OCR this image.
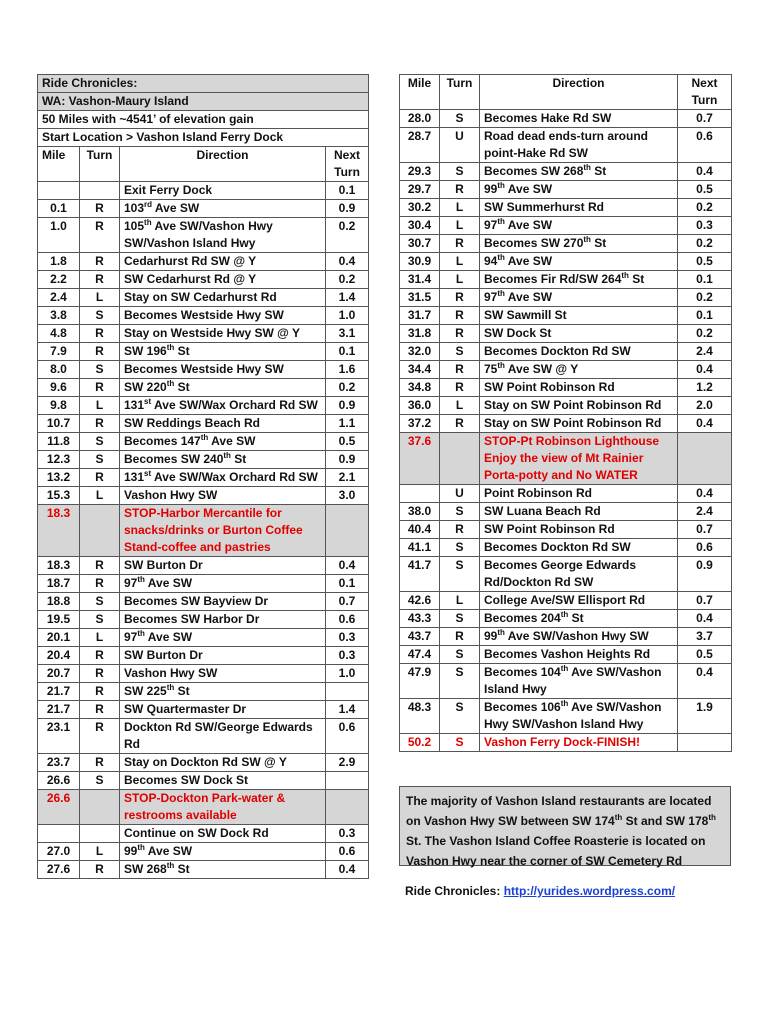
Ride Chronicles:			
WA: Vashon-Maury Island			
50 Miles with ~4541’ of elevation gain			
Start Location > Vashon Island Ferry Dock			
Mile	Turn	Direction	Next Turn
		Exit Ferry Dock	0.1
0.1	R	103rd Ave SW	0.9
1.0	R	105th Ave SW/Vashon Hwy SW/Vashon Island Hwy	0.2
1.8	R	Cedarhurst Rd SW @ Y	0.4
2.2	R	SW Cedarhurst Rd @ Y	0.2
2.4	L	Stay on SW Cedarhurst Rd	1.4
3.8	S	Becomes Westside Hwy SW	1.0
4.8	R	Stay on Westside Hwy SW @ Y	3.1
7.9	R	SW 196th St	0.1
8.0	S	Becomes Westside Hwy SW	1.6
9.6	R	SW 220th St	0.2
9.8	L	131st Ave SW/Wax Orchard Rd SW	0.9
10.7	R	SW Reddings Beach Rd	1.1
11.8	S	Becomes 147th Ave SW	0.5
12.3	S	Becomes SW 240th St	0.9
13.2	R	131st Ave SW/Wax Orchard Rd SW	2.1
15.3	L	Vashon Hwy SW	3.0
18.3		STOP-Harbor Mercantile for snacks/drinks or Burton Coffee Stand-coffee and pastries	
18.3	R	SW Burton Dr	0.4
18.7	R	97th Ave SW	0.1
18.8	S	Becomes SW Bayview Dr	0.7
19.5	S	Becomes SW Harbor Dr	0.6
20.1	L	97th Ave SW	0.3
20.4	R	SW Burton Dr	0.3
20.7	R	Vashon Hwy SW	1.0
21.7	R	SW 225th St	
21.7	R	SW Quartermaster Dr	1.4
23.1	R	Dockton Rd SW/George Edwards Rd	0.6
23.7	R	Stay on Dockton Rd SW @ Y	2.9
26.6	S	Becomes SW Dock St	
26.6		STOP-Dockton Park-water & restrooms available	
		Continue on SW Dock Rd	0.3
27.0	L	99th Ave SW	0.6
27.6	R	SW 268th St	0.4
Mile	Turn	Direction	Next Turn
28.0	S	Becomes Hake Rd SW	0.7
28.7	U	Road dead ends-turn around point-Hake Rd SW	0.6
29.3	S	Becomes SW 268th St	0.4
29.7	R	99th Ave SW	0.5
30.2	L	SW Summerhurst Rd	0.2
30.4	L	97th Ave SW	0.3
30.7	R	Becomes SW 270th St	0.2
30.9	L	94th Ave SW	0.5
31.4	L	Becomes Fir Rd/SW 264th St	0.1
31.5	R	97th Ave SW	0.2
31.7	R	SW Sawmill St	0.1
31.8	R	SW Dock St	0.2
32.0	S	Becomes Dockton Rd SW	2.4
34.4	R	75th Ave SW @ Y	0.4
34.8	R	SW Point Robinson Rd	1.2
36.0	L	Stay on SW Point Robinson Rd	2.0
37.2	R	Stay on SW Point Robinson Rd	0.4
37.6		STOP-Pt Robinson Lighthouse Enjoy the view of Mt Rainier Porta-potty and No WATER	
	U	Point Robinson Rd	0.4
38.0	S	SW Luana Beach Rd	2.4
40.4	R	SW Point Robinson Rd	0.7
41.1	S	Becomes Dockton Rd SW	0.6
41.7	S	Becomes George Edwards Rd/Dockton Rd SW	0.9
42.6	L	College Ave/SW Ellisport Rd	0.7
43.3	S	Becomes 204th St	0.4
43.7	R	99th Ave SW/Vashon Hwy SW	3.7
47.4	S	Becomes Vashon Heights Rd	0.5
47.9	S	Becomes 104th Ave SW/Vashon Island Hwy	0.4
48.3	S	Becomes 106th Ave SW/Vashon Hwy SW/Vashon Island Hwy	1.9
50.2	S	Vashon Ferry Dock-FINISH!	
The majority of Vashon Island restaurants are located on Vashon Hwy SW between SW 174th St and SW 178th St. The Vashon Island Coffee Roasterie is located on Vashon Hwy near the corner of SW Cemetery Rd
Ride Chronicles: http://yurides.wordpress.com/
